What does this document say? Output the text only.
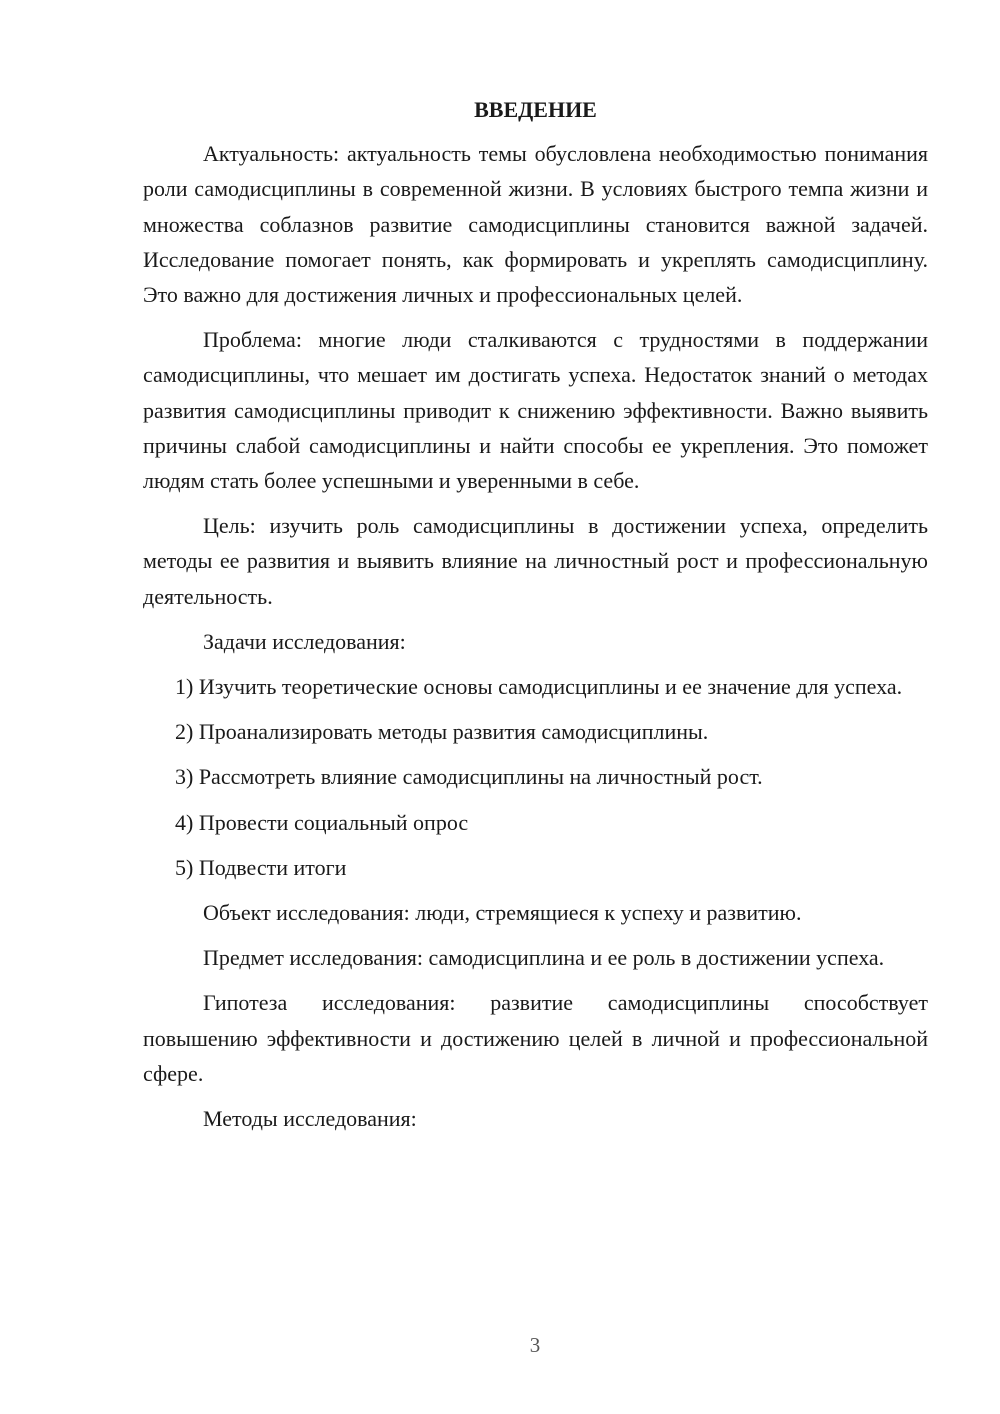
ВВЕДЕНИЕ

Актуальность: актуальность темы обусловлена необходимостью понимания роли самодисциплины в современной жизни. В условиях быстрого темпа жизни и множества соблазнов развитие самодисциплины становится важной задачей. Исследование помогает понять, как формировать и укреплять самодисциплину. Это важно для достижения личных и профессиональных целей.

Проблема: многие люди сталкиваются с трудностями в поддержании самодисциплины, что мешает им достигать успеха. Недостаток знаний о методах развития самодисциплины приводит к снижению эффективности. Важно выявить причины слабой самодисциплины и найти способы ее укрепления. Это поможет людям стать более успешными и уверенными в себе.

Цель: изучить роль самодисциплины в достижении успеха, определить методы ее развития и выявить влияние на личностный рост и профессиональную деятельность.

Задачи исследования:

1) Изучить теоретические основы самодисциплины и ее значение для успеха.

2) Проанализировать методы развития самодисциплины.

3) Рассмотреть влияние самодисциплины на личностный рост.

4) Провести социальный опрос

5) Подвести итоги

Объект исследования: люди, стремящиеся к успеху и развитию.

Предмет исследования: самодисциплина и ее роль в достижении успеха.

Гипотеза исследования: развитие самодисциплины способствует повышению эффективности и достижению целей в личной и профессиональной сфере.

Методы исследования:

3
